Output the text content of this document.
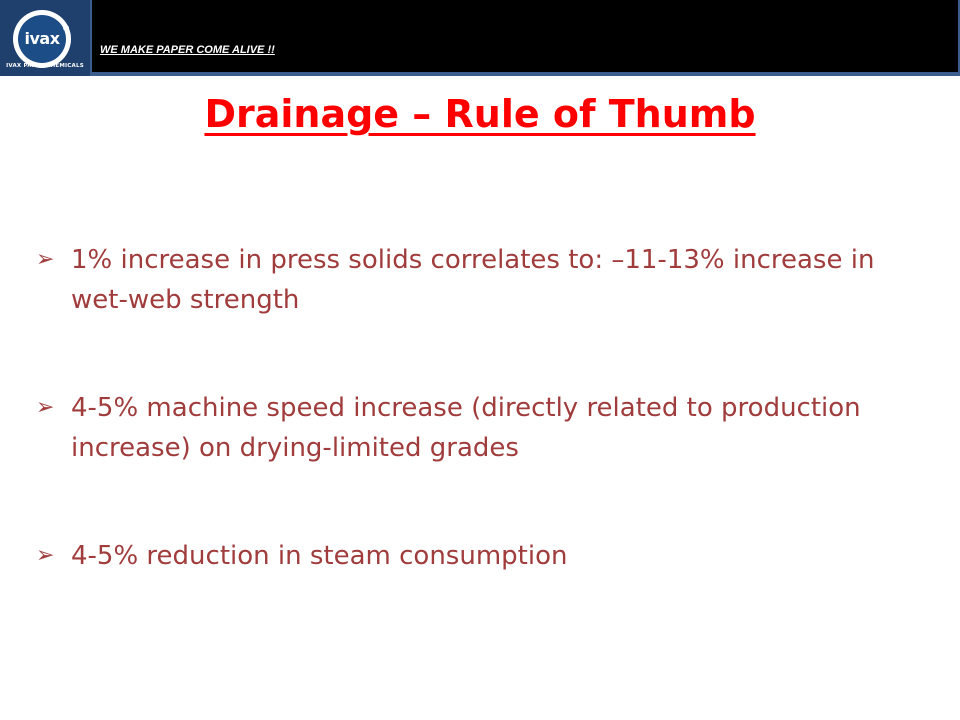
ivax
®
IVAX PAPER CHEMICALS
WE MAKE PAPER COME ALIVE !!
Drainage – Rule of Thumb
➢ 1% increase in press solids correlates to: –11-13% increase in wet-web strength
➢ 4-5% machine speed increase (directly related to production increase) on drying-limited grades
➢ 4-5% reduction in steam consumption
